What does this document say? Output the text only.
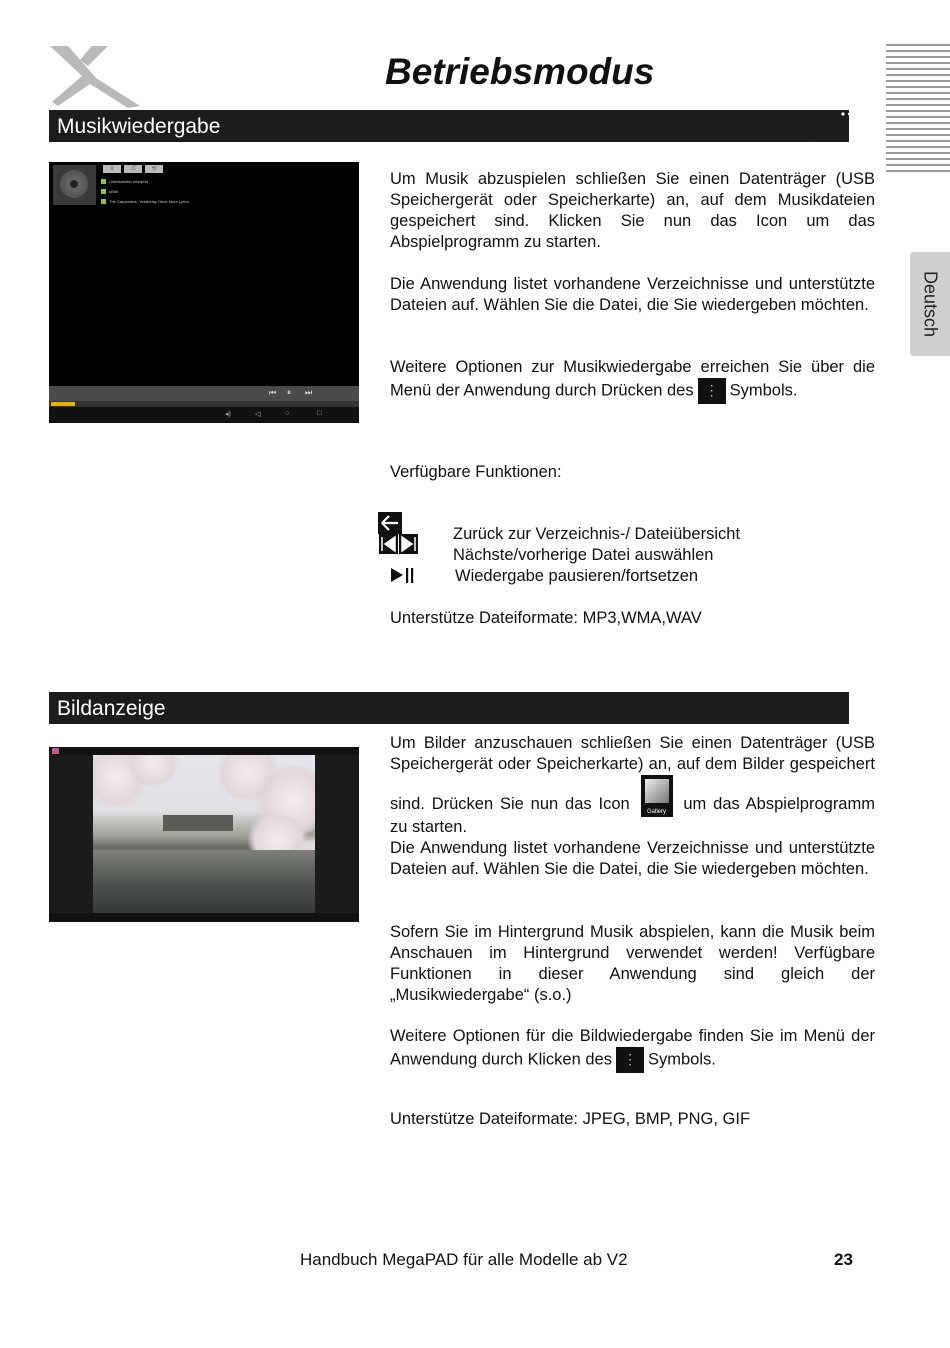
Betriebsmodus
Deutsch
Musikwiedergabe
≡	⤮	⟲
Unbekannter Interpret
uBild
The Carpenters- Yesterday Once More Lyrics
⏮ ⏸ ⏭
◂)	◁	○	□

Um Musik abzuspielen schließen Sie einen Datenträger (USB Speichergerät oder Speicherkarte) an, auf dem Musikdateien gespeichert sind. Klicken Sie nun das Icon um das Abspielprogramm zu starten.

Die Anwendung listet vorhandene Verzeichnisse und unterstützte Dateien auf. Wählen Sie die Datei, die Sie wiedergeben möchten.

Weitere Optionen zur Musikwiedergabe erreichen Sie über die Menü der Anwendung durch Drücken des ⋮ Symbols.

Verfügbare Funktionen:

Zurück zur Verzeichnis-/ Dateiübersicht
Nächste/vorherige Datei auswählen
Wiedergabe pausieren/fortsetzen

Unterstütze Dateiformate: MP3,WMA,WAV

Bildanzeige

Um Bilder anzuschauen schließen Sie einen Datenträger (USB Speichergerät oder Speicherkarte) an, auf dem Bilder gespeichert sind. Drücken Sie nun das Icon	Gallery	um das Abspielprogramm zu starten.

Die Anwendung listet vorhandene Verzeichnisse und unterstützte Dateien auf. Wählen Sie die Datei, die Sie wiedergeben möchten.

Sofern Sie im Hintergrund Musik abspielen, kann die Musik beim Anschauen im Hintergrund verwendet werden! Verfügbare Funktionen in dieser Anwendung sind gleich der „Musikwiedergabe“ (s.o.)

Weitere Optionen für die Bildwiedergabe finden Sie im Menü der Anwendung durch Klicken des ⋮ Symbols.

Unterstütze Dateiformate: JPEG, BMP, PNG, GIF

Handbuch MegaPAD für alle Modelle ab V2	23
